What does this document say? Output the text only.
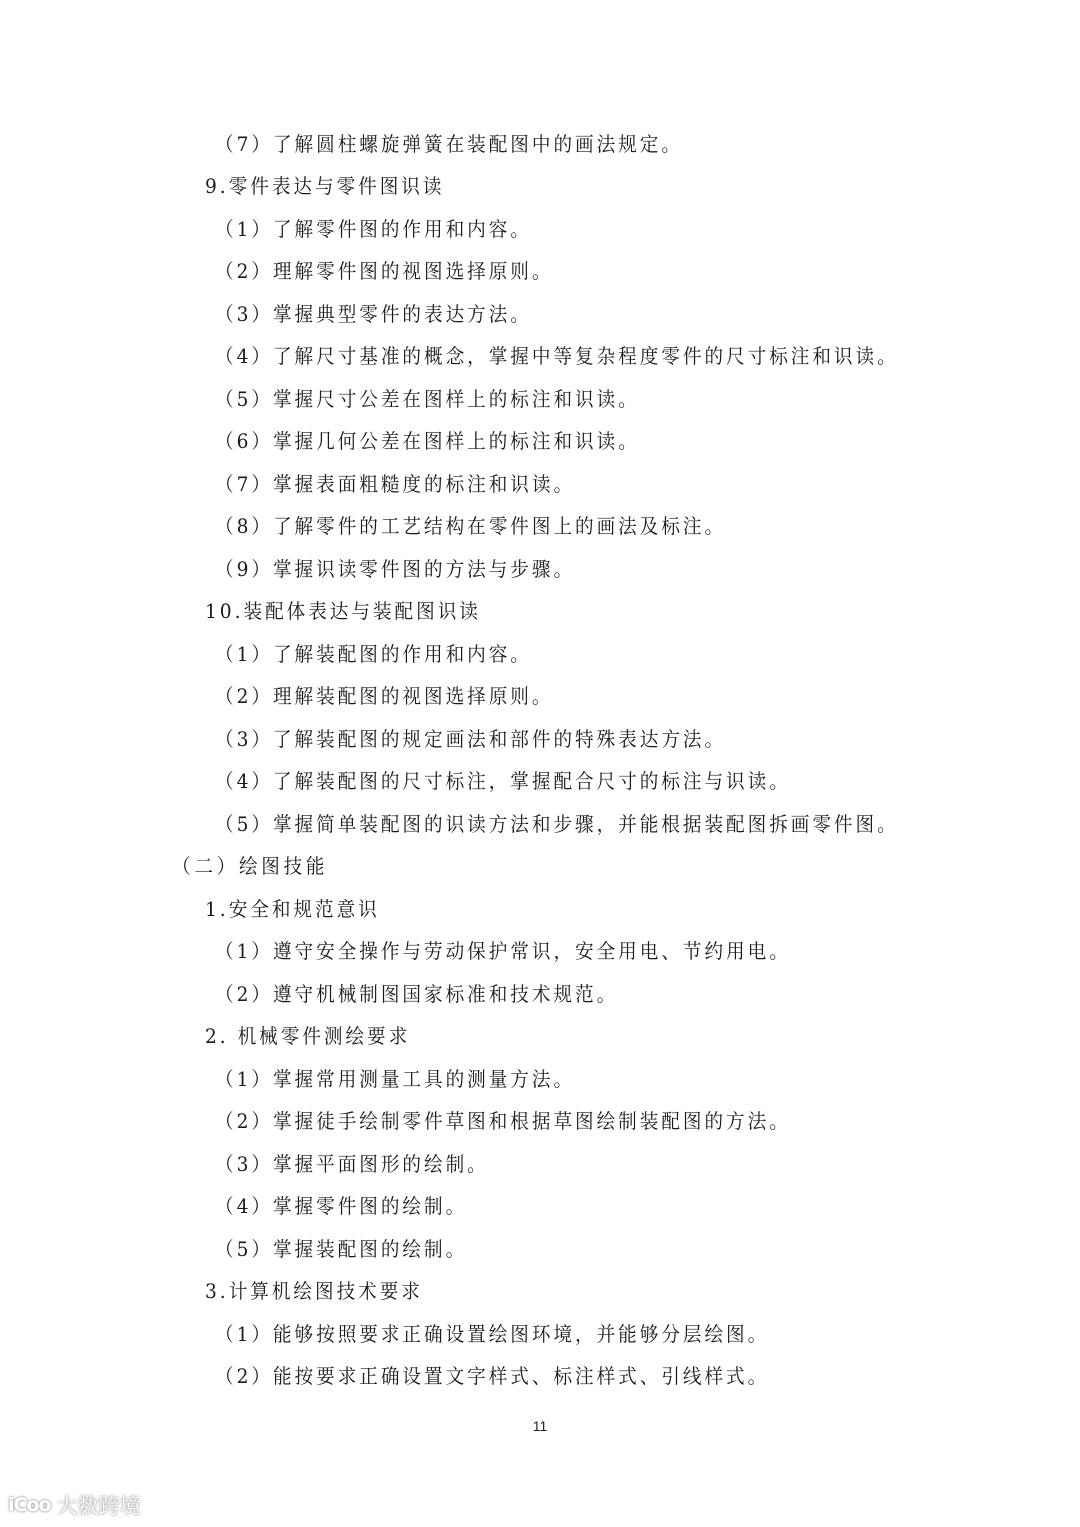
（7）了解圆柱螺旋弹簧在装配图中的画法规定。
9.零件表达与零件图识读
（1）了解零件图的作用和内容。
（2）理解零件图的视图选择原则。
（3）掌握典型零件的表达方法。
（4）了解尺寸基准的概念，掌握中等复杂程度零件的尺寸标注和识读。
（5）掌握尺寸公差在图样上的标注和识读。
（6）掌握几何公差在图样上的标注和识读。
（7）掌握表面粗糙度的标注和识读。
（8）了解零件的工艺结构在零件图上的画法及标注。
（9）掌握识读零件图的方法与步骤。
10.装配体表达与装配图识读
（1）了解装配图的作用和内容。
（2）理解装配图的视图选择原则。
（3）了解装配图的规定画法和部件的特殊表达方法。
（4）了解装配图的尺寸标注，掌握配合尺寸的标注与识读。
（5）掌握简单装配图的识读方法和步骤，并能根据装配图拆画零件图。
（二）绘图技能
1.安全和规范意识
（1）遵守安全操作与劳动保护常识，安全用电、节约用电。
（2）遵守机械制图国家标准和技术规范。
2. 机械零件测绘要求
（1）掌握常用测量工具的测量方法。
（2）掌握徒手绘制零件草图和根据草图绘制装配图的方法。
（3）掌握平面图形的绘制。
（4）掌握零件图的绘制。
（5）掌握装配图的绘制。
3.计算机绘图技术要求
（1）能够按照要求正确设置绘图环境，并能够分层绘图。
（2）能按要求正确设置文字样式、标注样式、引线样式。
11
iCoo 大数跨境
